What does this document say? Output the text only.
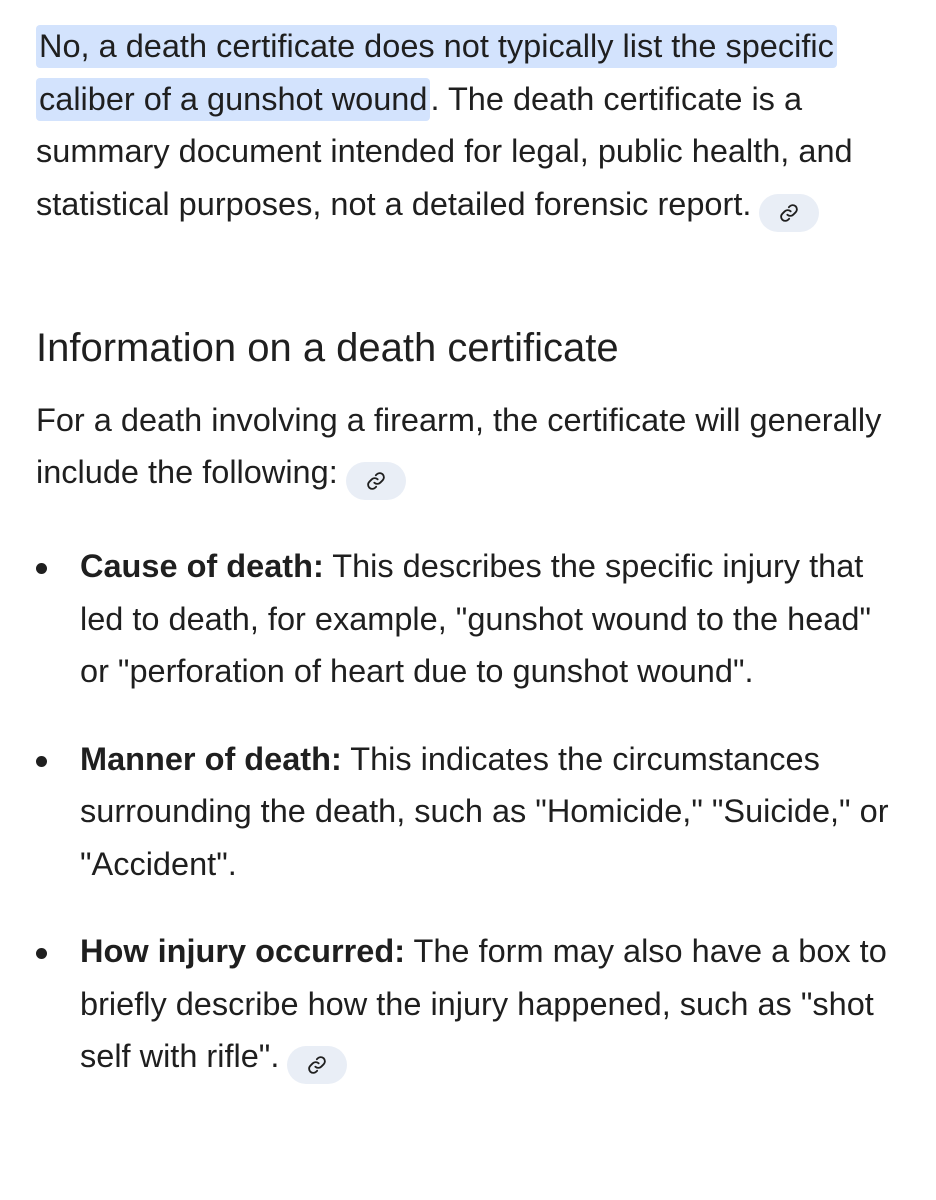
No, a death certificate does not typically list the specific caliber of a gunshot wound. The death certificate is a summary document intended for legal, public health, and statistical purposes, not a detailed forensic report.

Information on a death certificate

For a death involving a firearm, the certificate will generally include the following:

Cause of death: This describes the specific injury that led to death, for example, "gunshot wound to the head" or "perforation of heart due to gunshot wound".
Manner of death: This indicates the circumstances surrounding the death, such as "Homicide," "Suicide," or "Accident".
How injury occurred: The form may also have a box to briefly describe how the injury happened, such as "shot self with rifle".
